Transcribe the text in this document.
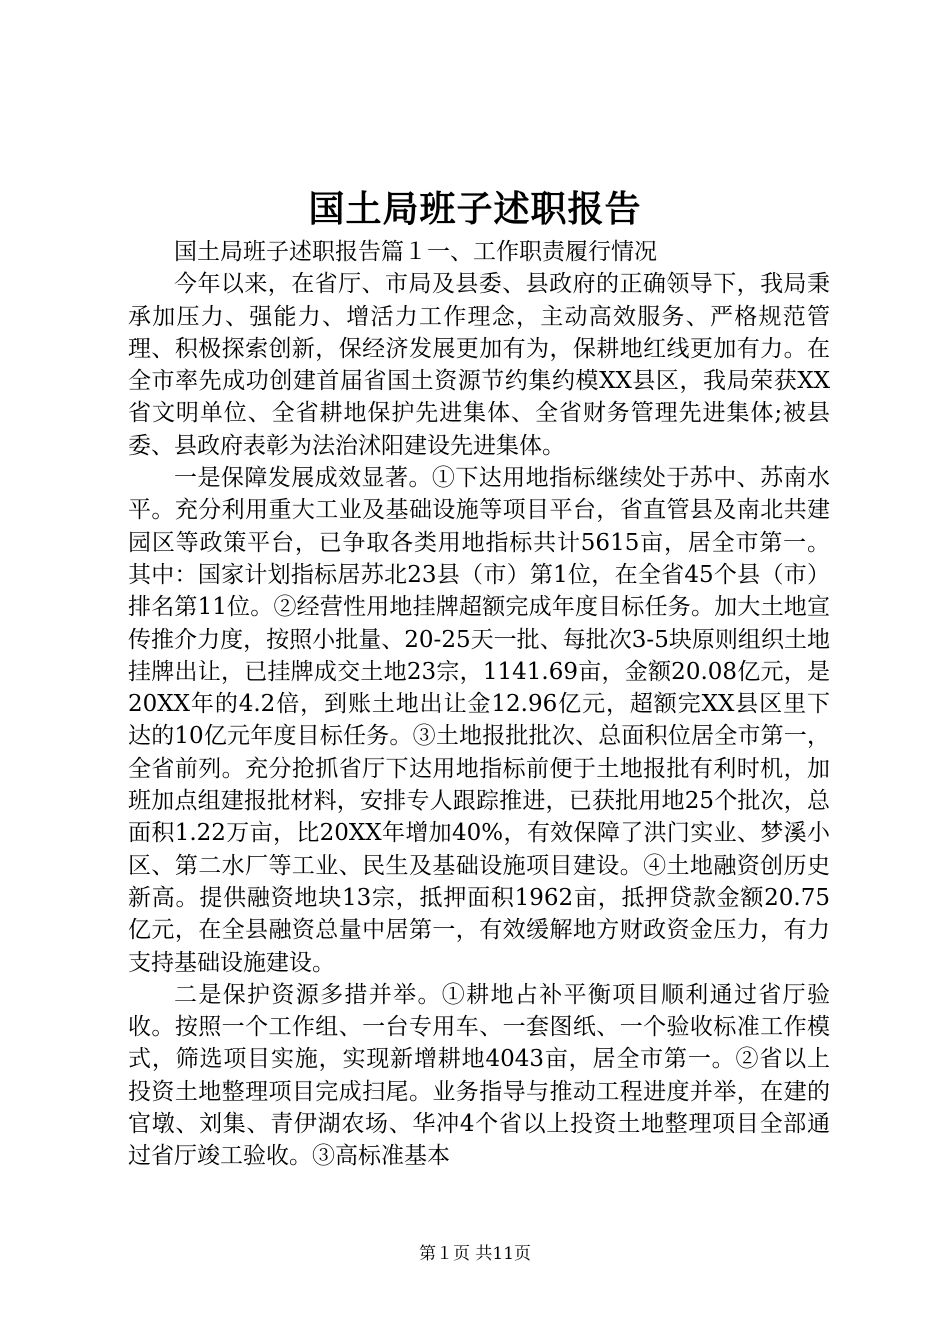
国土局班子述职报告

国土局班子述职报告篇１一、工作职责履行情况

今年以来，在省厅、市局及县委、县政府的正确领导下，我局秉承加压力、强能力、增活力工作理念，主动高效服务、严格规范管理、积极探索创新，保经济发展更加有为，保耕地红线更加有力。在全市率先成功创建首届省国土资源节约集约模XX县区，我局荣获XX省文明单位、全省耕地保护先进集体、全省财务管理先进集体;被县委、县政府表彰为法治沭阳建设先进集体。

一是保障发展成效显著。①下达用地指标继续处于苏中、苏南水平。充分利用重大工业及基础设施等项目平台，省直管县及南北共建园区等政策平台，已争取各类用地指标共计5615亩，居全市第一。其中：国家计划指标居苏北23县（市）第1位，在全省45个县（市）排名第11位。②经营性用地挂牌超额完成年度目标任务。加大土地宣传推介力度，按照小批量、20-25天一批、每批次3-5块原则组织土地挂牌出让，已挂牌成交土地23宗，1141.69亩，金额20.08亿元，是20XX年的4.2倍，到账土地出让金12.96亿元，超额完XX县区里下达的10亿元年度目标任务。③土地报批批次、总面积位居全市第一，全省前列。充分抢抓省厅下达用地指标前便于土地报批有利时机，加班加点组建报批材料，安排专人跟踪推进，已获批用地25个批次，总面积1.22万亩，比20XX年增加40%，有效保障了洪门实业、梦溪小区、第二水厂等工业、民生及基础设施项目建设。④土地融资创历史新高。提供融资地块13宗，抵押面积1962亩，抵押贷款金额20.75亿元，在全县融资总量中居第一，有效缓解地方财政资金压力，有力支持基础设施建设。

二是保护资源多措并举。①耕地占补平衡项目顺利通过省厅验收。按照一个工作组、一台专用车、一套图纸、一个验收标准工作模式，筛选项目实施，实现新增耕地4043亩，居全市第一。②省以上投资土地整理项目完成扫尾。业务指导与推动工程进度并举，在建的官墩、刘集、青伊湖农场、华冲4个省以上投资土地整理项目全部通过省厅竣工验收。③高标准基本

第１页 共11页
